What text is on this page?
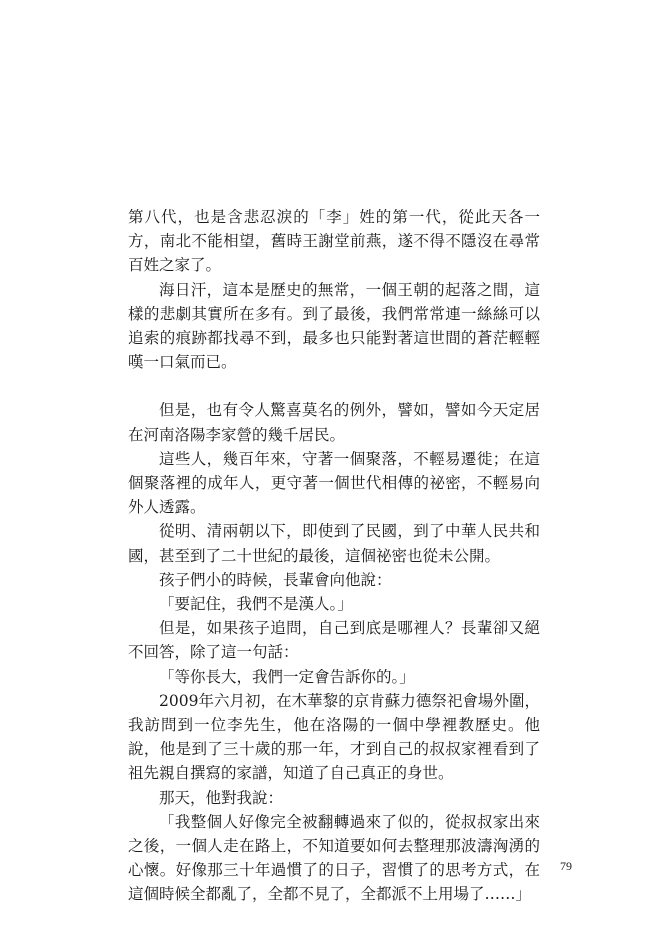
第八代，也是含悲忍淚的「李」姓的第一代，從此天各一方，南北不能相望，舊時王謝堂前燕，遂不得不隱沒在尋常百姓之家了。

海日汗，這本是歷史的無常，一個王朝的起落之間，這樣的悲劇其實所在多有。到了最後，我們常常連一絲絲可以追索的痕跡都找尋不到，最多也只能對著這世間的蒼茫輕輕嘆一口氣而已。

但是，也有令人驚喜莫名的例外，譬如，譬如今天定居在河南洛陽李家營的幾千居民。

這些人，幾百年來，守著一個聚落，不輕易遷徙；在這個聚落裡的成年人，更守著一個世代相傳的祕密，不輕易向外人透露。

從明、清兩朝以下，即使到了民國，到了中華人民共和國，甚至到了二十世紀的最後，這個祕密也從未公開。

孩子們小的時候，長輩會向他說：

「要記住，我們不是漢人。」

但是，如果孩子追問，自己到底是哪裡人？長輩卻又絕不回答，除了這一句話：

「等你長大，我們一定會告訴你的。」

2009年六月初，在木華黎的京肯蘇力德祭祀會場外圍，我訪問到一位李先生，他在洛陽的一個中學裡教歷史。他說，他是到了三十歲的那一年，才到自己的叔叔家裡看到了祖先親自撰寫的家譜，知道了自己真正的身世。

那天，他對我說：

「我整個人好像完全被翻轉過來了似的，從叔叔家出來之後，一個人走在路上，不知道要如何去整理那波濤洶湧的心懷。好像那三十年過慣了的日子，習慣了的思考方式，在這個時候全都亂了，全都不見了，全都派不上用場了……」

79
